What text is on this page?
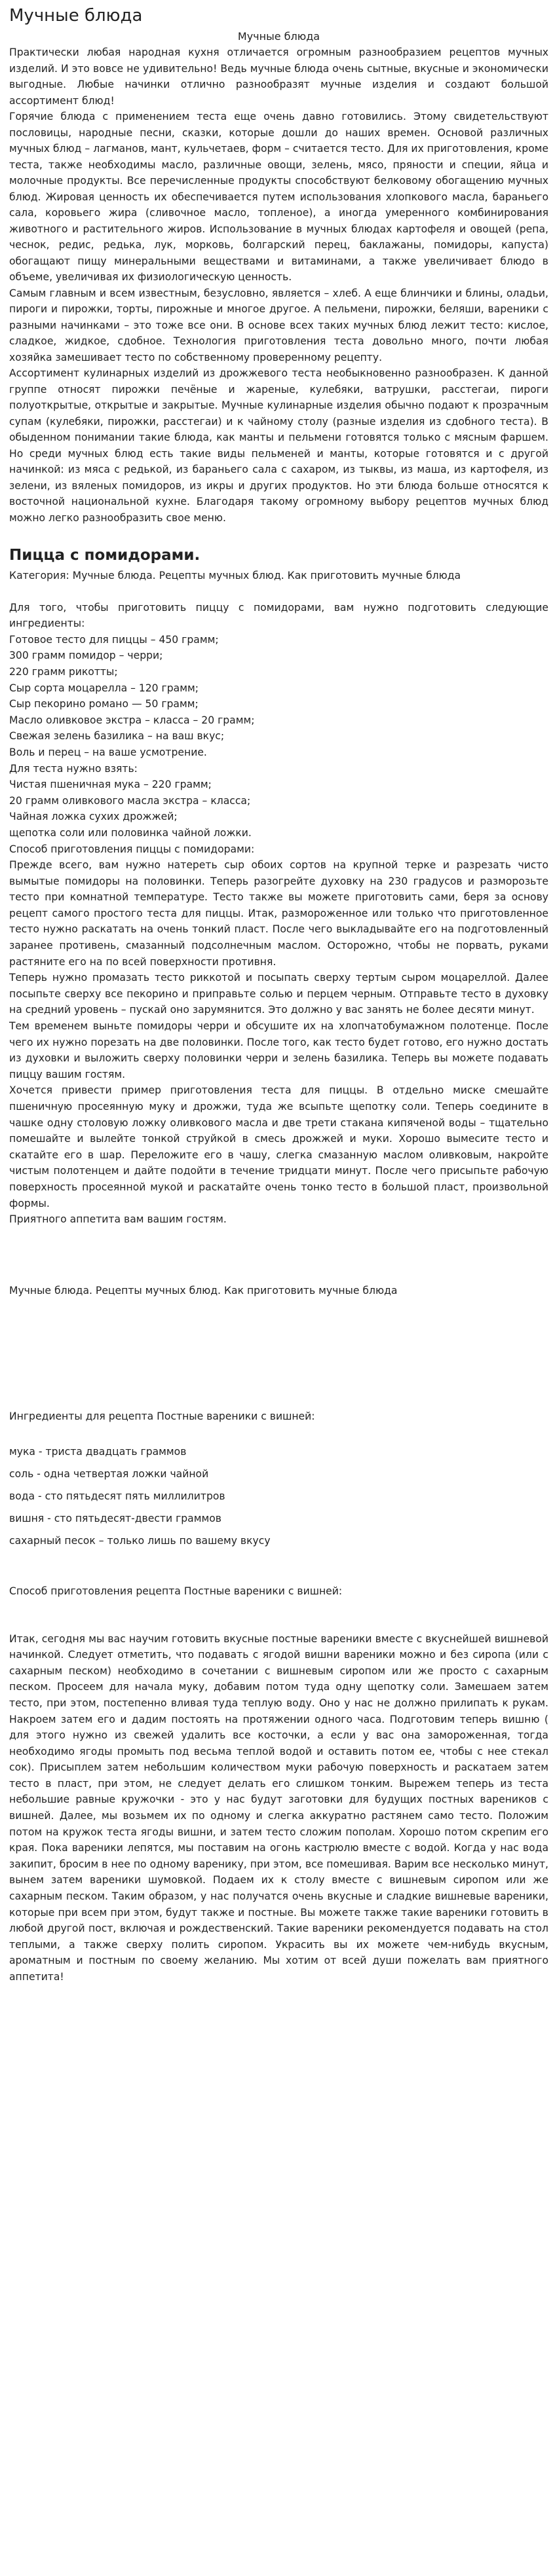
Мучные блюда
Мучные блюда

Практически любая народная кухня отличается огромным разнообразием рецептов мучных изделий. И это вовсе не удивительно! Ведь мучные блюда очень сытные, вкусные и экономически выгодные. Любые начинки отлично разнообразят мучные изделия и создают большой ассортимент блюд!

Горячие блюда с применением теста еще очень давно готовились. Этому свидетельствуют пословицы, народные песни, сказки, которые дошли до наших времен. Основой различных мучных блюд – лагманов, мант, кульчетаев, форм – считается тесто. Для их приготовления, кроме теста, также необходимы масло, различные овощи, зелень, мясо, пряности и специи, яйца и молочные продукты. Все перечисленные продукты способствуют белковому обогащению мучных блюд. Жировая ценность их обеспечивается путем использования хлопкового масла, бараньего сала, коровьего жира (сливочное масло, топленое), а иногда умеренного комбинирования животного и растительного жиров. Использование в мучных блюдах картофеля и овощей (репа, чеснок, редис, редька, лук, морковь, болгарский перец, баклажаны, помидоры, капуста) обогащают пищу минеральными веществами и витаминами, а также увеличивает блюдо в объеме, увеличивая их физиологическую ценность.

Самым главным и всем известным, безусловно, является – хлеб. А еще блинчики и блины, оладьи, пироги и пирожки, торты, пирожные и многое другое. А пельмени, пирожки, беляши, вареники с разными начинками – это тоже все они. В основе всех таких мучных блюд лежит тесто: кислое, сладкое, жидкое, сдобное. Технология приготовления теста довольно много, почти любая хозяйка замешивает тесто по собственному проверенному рецепту.

Ассортимент кулинарных изделий из дрожжевого теста необыкновенно разнообразен. К данной группе относят пирожки печёные и жареные, кулебяки, ватрушки, расстегаи, пироги полуоткрытые, открытые и закрытые. Мучные кулинарные изделия обычно подают к прозрачным супам (кулебяки, пирожки, расстегаи) и к чайному столу (разные изделия из сдобного теста). В обыденном понимании такие блюда, как манты и пельмени готовятся только с мясным фаршем. Но среди мучных блюд есть такие виды пельменей и манты, которые готовятся и с другой начинкой: из мяса с редькой, из бараньего сала с сахаром, из тыквы, из маша, из картофеля, из зелени, из вяленых помидоров, из икры и других продуктов. Но эти блюда больше относятся к восточной национальной кухне. Благодаря такому огромному выбору рецептов мучных блюд можно легко разнообразить свое меню.

Пицца с помидорами.
Категория: Мучные блюда. Рецепты мучных блюд. Как приготовить мучные блюда
Для того, чтобы приготовить пиццу с помидорами, вам нужно подготовить следующие ингредиенты:
Готовое тесто для пиццы – 450 грамм;
300 грамм помидор – черри;
220 грамм рикотты;
Сыр сорта моцарелла – 120 грамм;
Сыр пекорино романо — 50 грамм;
Масло оливковое экстра – класса – 20 грамм;
Свежая зелень базилика – на ваш вкус;
Воль и перец – на ваше усмотрение.
Для теста нужно взять:
Чистая пшеничная мука – 220 грамм;
20 грамм оливкового масла экстра – класса;
Чайная ложка сухих дрожжей;
щепотка соли или половинка чайной ложки.
Способ приготовления пиццы с помидорами:

Прежде всего, вам нужно натереть сыр обоих сортов на крупной терке и разрезать чисто вымытые помидоры на половинки. Теперь разогрейте духовку на 230 градусов и разморозьте тесто при комнатной температуре. Тесто также вы можете приготовить сами, беря за основу рецепт самого простого теста для пиццы. Итак, размороженное или только что приготовленное тесто нужно раскатать на очень тонкий пласт. После чего выкладывайте его на подготовленный заранее противень, смазанный подсолнечным маслом. Осторожно, чтобы не порвать, руками растяните его на по всей поверхности противня.

Теперь нужно промазать тесто риккотой и посыпать сверху тертым сыром моцареллой. Далее посыпьте сверху все пекорино и приправьте солью и перцем черным. Отправьте тесто в духовку на средний уровень – пускай оно зарумянится. Это должно у вас занять не более десяти минут.

Тем временем выньте помидоры черри и обсушите их на хлопчатобумажном полотенце. После чего их нужно порезать на две половинки. После того, как тесто будет готово, его нужно достать из духовки и выложить сверху половинки черри и зелень базилика. Теперь вы можете подавать пиццу вашим гостям.

Хочется привести пример приготовления теста для пиццы. В отдельно миске смешайте пшеничную просеянную муку и дрожжи, туда же всыпьте щепотку соли. Теперь соедините в чашке одну столовую ложку оливкового масла и две трети стакана кипяченой воды – тщательно помешайте и вылейте тонкой струйкой в смесь дрожжей и муки. Хорошо вымесите тесто и скатайте его в шар. Переложите его в чашу, слегка смазанную маслом оливковым, накройте чистым полотенцем и дайте подойти в течение тридцати минут. После чего присыпьте рабочую поверхность просеянной мукой и раскатайте очень тонко тесто в большой пласт, произвольной формы.

Приятного аппетита вам вашим гостям.

Мучные блюда. Рецепты мучных блюд. Как приготовить мучные блюда
Ингредиенты для рецепта Постные вареники с вишней:
мука - триста двадцать граммов
соль - одна четвертая ложки чайной
вода - сто пятьдесят пять миллилитров
вишня - сто пятьдесят-двести граммов
сахарный песок – только лишь по вашему вкусу
Способ приготовления рецепта Постные вареники с вишней:

Итак, сегодня мы вас научим готовить вкусные постные вареники вместе с вкуснейшей вишневой начинкой. Следует отметить, что подавать с ягодой вишни вареники можно и без сиропа (или с сахарным песком) необходимо в сочетании с вишневым сиропом или же просто с сахарным песком. Просеем для начала муку, добавим потом туда одну щепотку соли. Замешаем затем тесто, при этом, постепенно вливая туда теплую воду. Оно у нас не должно прилипать к рукам. Накроем затем его и дадим постоять на протяжении одного часа. Подготовим теперь вишню ( для этого нужно из свежей удалить все косточки, а если у вас она замороженная, тогда необходимо ягоды промыть под весьма теплой водой и оставить потом ее, чтобы с нее стекал сок). Присыплем затем небольшим количеством муки рабочую поверхность и раскатаем затем тесто в пласт, при этом, не следует делать его слишком тонким. Вырежем теперь из теста небольшие равные кружочки - это у нас будут заготовки для будущих постных вареников с вишней. Далее, мы возьмем их по одному и слегка аккуратно растянем само тесто. Положим потом на кружок теста ягоды вишни, и затем тесто сложим пополам. Хорошо потом скрепим его края. Пока вареники лепятся, мы поставим на огонь кастрюлю вместе с водой. Когда у нас вода закипит, бросим в нее по одному варенику, при этом, все помешивая. Варим все несколько минут, вынем затем вареники шумовкой. Подаем их к столу вместе с вишневым сиропом или же сахарным песком. Таким образом, у нас получатся очень вкусные и сладкие вишневые вареники, которые при всем при этом, будут также и постные. Вы можете также такие вареники готовить в любой другой пост, включая и рождественский. Такие вареники рекомендуется подавать на стол теплыми, а также сверху полить сиропом. Украсить вы их можете чем-нибудь вкусным, ароматным и постным по своему желанию. Мы хотим от всей души пожелать вам приятного аппетита!
